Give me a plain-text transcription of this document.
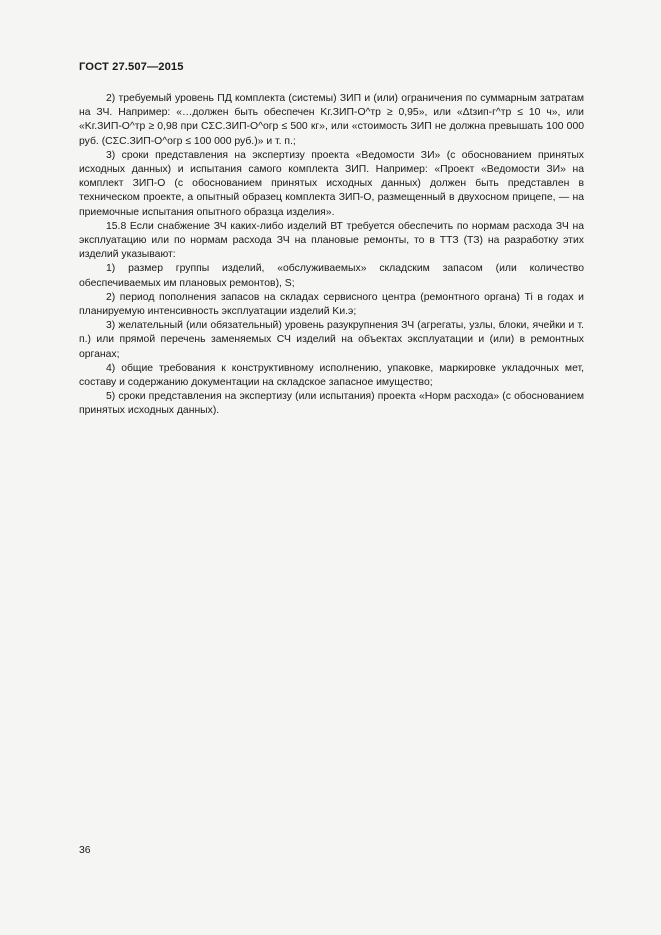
ГОСТ 27.507—2015

2) требуемый уровень ПД комплекта (системы) ЗИП и (или) ограничения по суммарным затратам на ЗЧ. Например: «…должен быть обеспечен Kг.ЗИП-О^тр ≥ 0,95», или «Δtзип-г^тр ≤ 10 ч», или «Kг.ЗИП-О^тр ≥ 0,98 при CΣС.ЗИП-О^огр ≤ 500 кг», или «стоимость ЗИП не должна превышать 100 000 руб. (CΣС.ЗИП-О^огр ≤ 100 000 руб.)» и т. п.;

3) сроки представления на экспертизу проекта «Ведомости ЗИ» (с обоснованием принятых исходных данных) и испытания самого комплекта ЗИП. Например: «Проект «Ведомости ЗИ» на комплект ЗИП-О (с обоснованием принятых исходных данных) должен быть представлен в техническом проекте, а опытный образец комплекта ЗИП-О, размещенный в двухосном прицепе, — на приемочные испытания опытного образца изделия».

15.8 Если снабжение ЗЧ каких-либо изделий ВТ требуется обеспечить по нормам расхода ЗЧ на эксплуатацию или по нормам расхода ЗЧ на плановые ремонты, то в ТТЗ (ТЗ) на разработку этих изделий указывают:

1) размер группы изделий, «обслуживаемых» складским запасом (или количество обеспечиваемых им плановых ремонтов), S;

2) период пополнения запасов на складах сервисного центра (ремонтного органа) Ti в годах и планируемую интенсивность эксплуатации изделий Kи.э;

3) желательный (или обязательный) уровень разукрупнения ЗЧ (агрегаты, узлы, блоки, ячейки и т. п.) или прямой перечень заменяемых СЧ изделий на объектах эксплуатации и (или) в ремонтных органах;

4) общие требования к конструктивному исполнению, упаковке, маркировке укладочных мет, составу и содержанию документации на складское запасное имущество;

5) сроки представления на экспертизу (или испытания) проекта «Норм расхода» (с обоснованием принятых исходных данных).

36
